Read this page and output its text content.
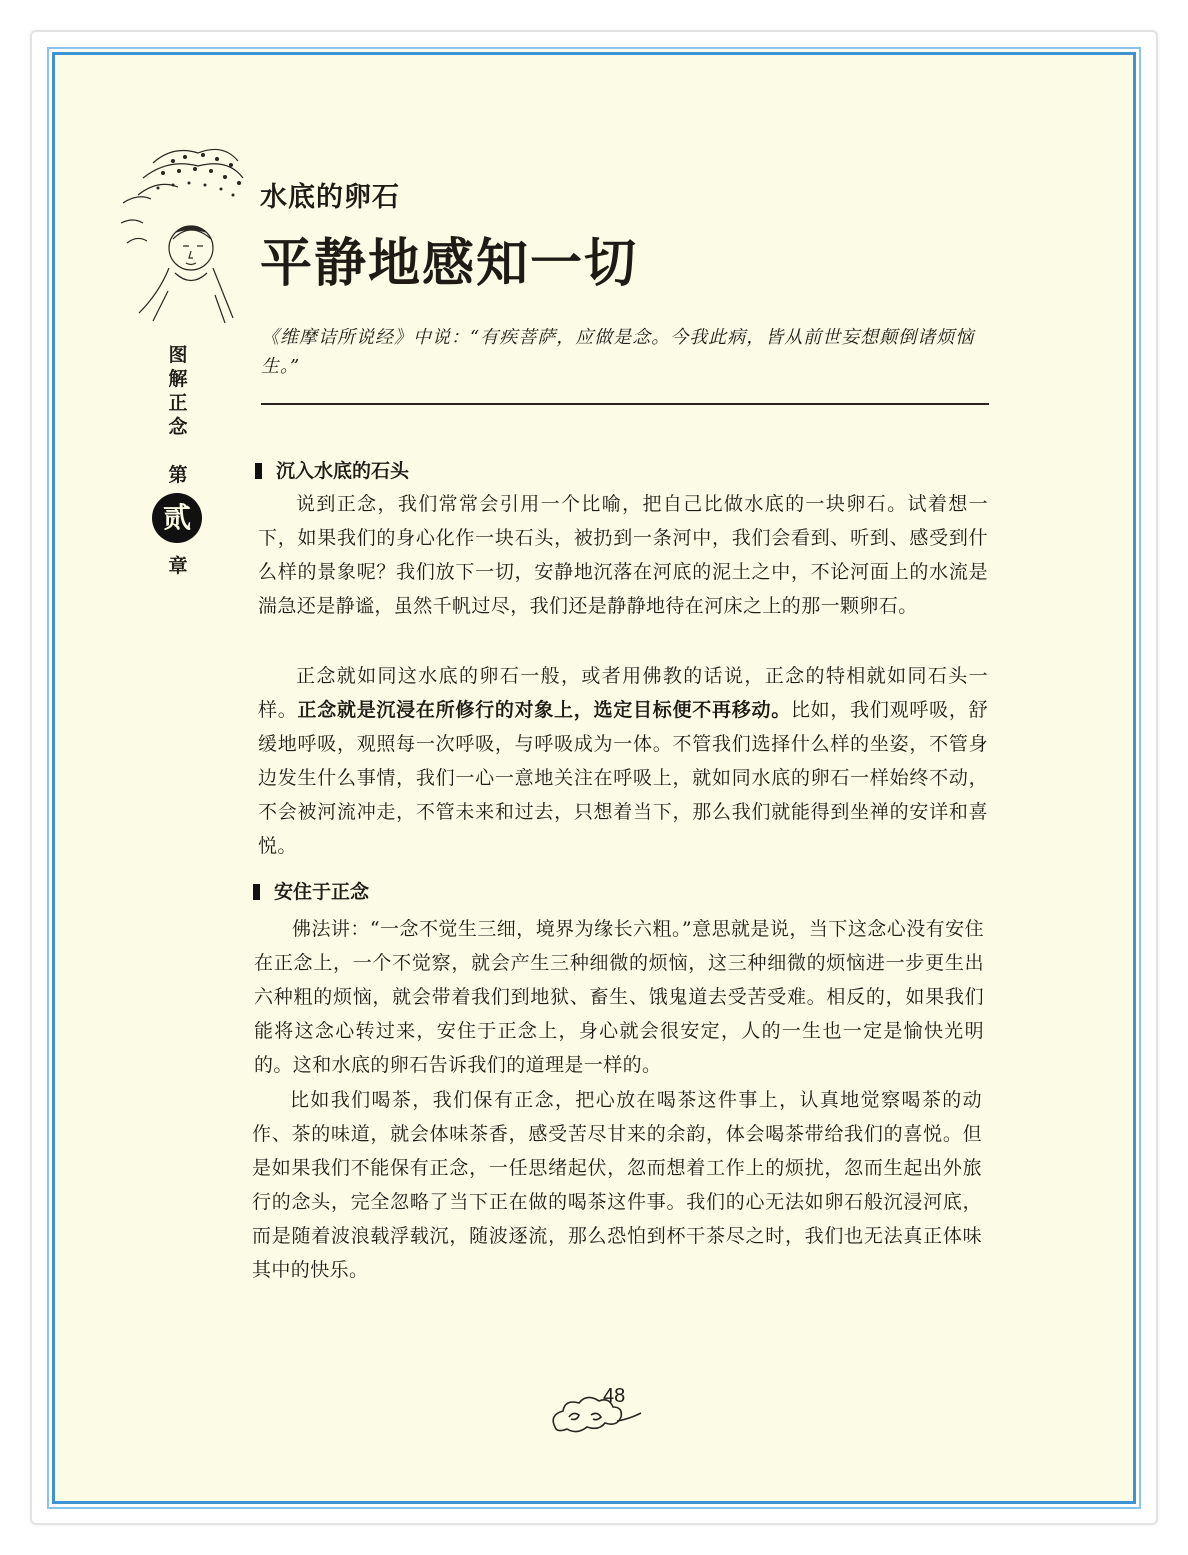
水底的卵石
平静地感知一切
《维摩诘所说经》中说：“有疾菩萨，应做是念。今我此病，皆从前世妄想颠倒诸烦恼生。”
图解正念
第
贰
章
沉入水底的石头

说到正念，我们常常会引用一个比喻，把自己比做水底的一块卵石。试着想一下，如果我们的身心化作一块石头，被扔到一条河中，我们会看到、听到、感受到什么样的景象呢？我们放下一切，安静地沉落在河底的泥土之中，不论河面上的水流是湍急还是静谧，虽然千帆过尽，我们还是静静地待在河床之上的那一颗卵石。

正念就如同这水底的卵石一般，或者用佛教的话说，正念的特相就如同石头一样。正念就是沉浸在所修行的对象上，选定目标便不再移动。比如，我们观呼吸，舒缓地呼吸，观照每一次呼吸，与呼吸成为一体。不管我们选择什么样的坐姿，不管身边发生什么事情，我们一心一意地关注在呼吸上，就如同水底的卵石一样始终不动，不会被河流冲走，不管未来和过去，只想着当下，那么我们就能得到坐禅的安详和喜悦。

安住于正念

佛法讲：“一念不觉生三细，境界为缘长六粗。”意思就是说，当下这念心没有安住在正念上，一个不觉察，就会产生三种细微的烦恼，这三种细微的烦恼进一步更生出六种粗的烦恼，就会带着我们到地狱、畜生、饿鬼道去受苦受难。相反的，如果我们能将这念心转过来，安住于正念上，身心就会很安定，人的一生也一定是愉快光明的。这和水底的卵石告诉我们的道理是一样的。

比如我们喝茶，我们保有正念，把心放在喝茶这件事上，认真地觉察喝茶的动作、茶的味道，就会体味茶香，感受苦尽甘来的余韵，体会喝茶带给我们的喜悦。但是如果我们不能保有正念，一任思绪起伏，忽而想着工作上的烦扰，忽而生起出外旅行的念头，完全忽略了当下正在做的喝茶这件事。我们的心无法如卵石般沉浸河底，而是随着波浪载浮载沉，随波逐流，那么恐怕到杯干茶尽之时，我们也无法真正体味其中的快乐。

48
